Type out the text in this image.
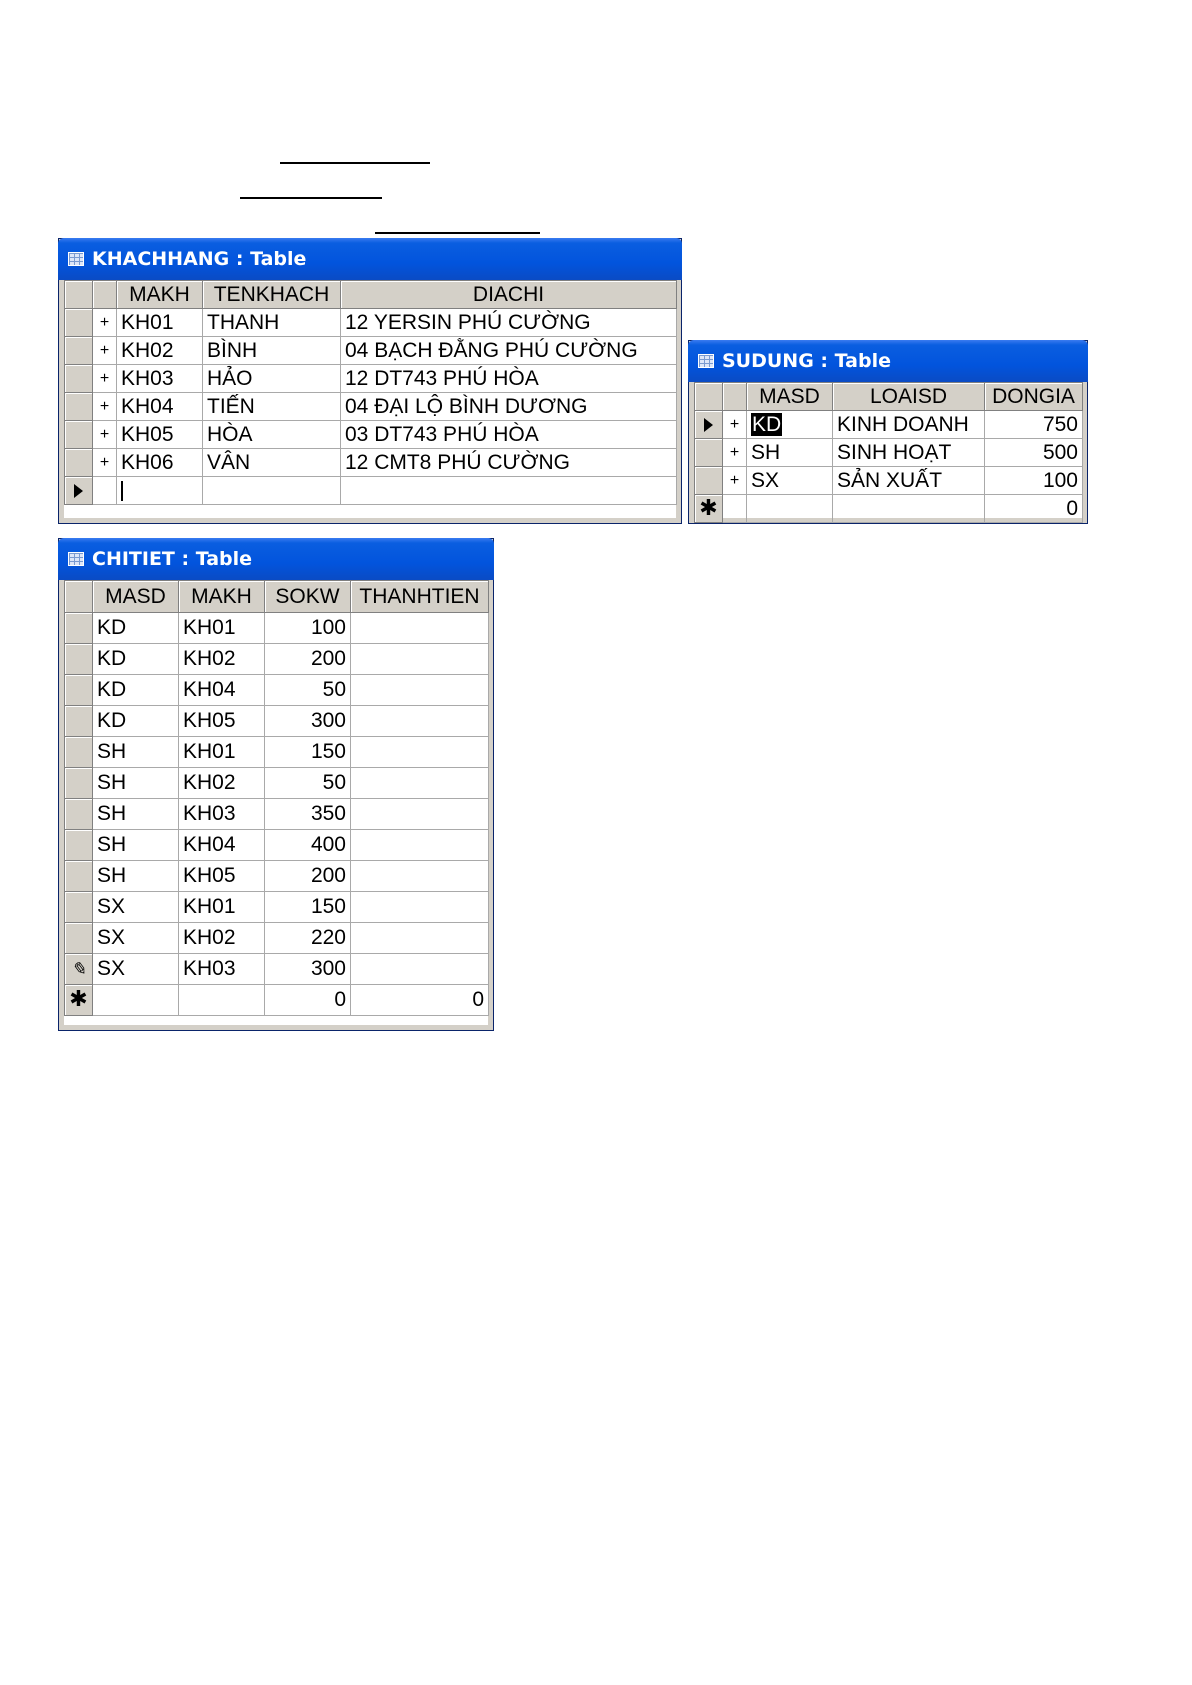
KHACHHANG : Table
		MAKH	TENKHACH	DIACHI
	+	KH01	THANH	12 YERSIN PHÚ CƯỜNG
	+	KH02	BÌNH	04 BẠCH ĐẰNG PHÚ CƯỜNG
	+	KH03	HẢO	12 DT743 PHÚ HÒA
	+	KH04	TIẾN	04 ĐẠI LỘ BÌNH DƯƠNG
	+	KH05	HÒA	03 DT743 PHÚ HÒA
	+	KH06	VÂN	12 CMT8 PHÚ CƯỜNG

SUDUNG : Table
		MASD	LOAISD	DONGIA
	+	KD	KINH DOANH	750
	+	SH	SINH HOẠT	500
	+	SX	SẢN XUẤT	100
✱				0
CHITIET : Table
	MASD	MAKH	SOKW	THANHTIEN
	KD	KH01	100	
	KD	KH02	200	
	KD	KH04	50	
	KD	KH05	300	
	SH	KH01	150	
	SH	KH02	50	
	SH	KH03	350	
	SH	KH04	400	
	SH	KH05	200	
	SX	KH01	150	
	SX	KH02	220	
✎	SX	KH03	300	
✱			0	0
